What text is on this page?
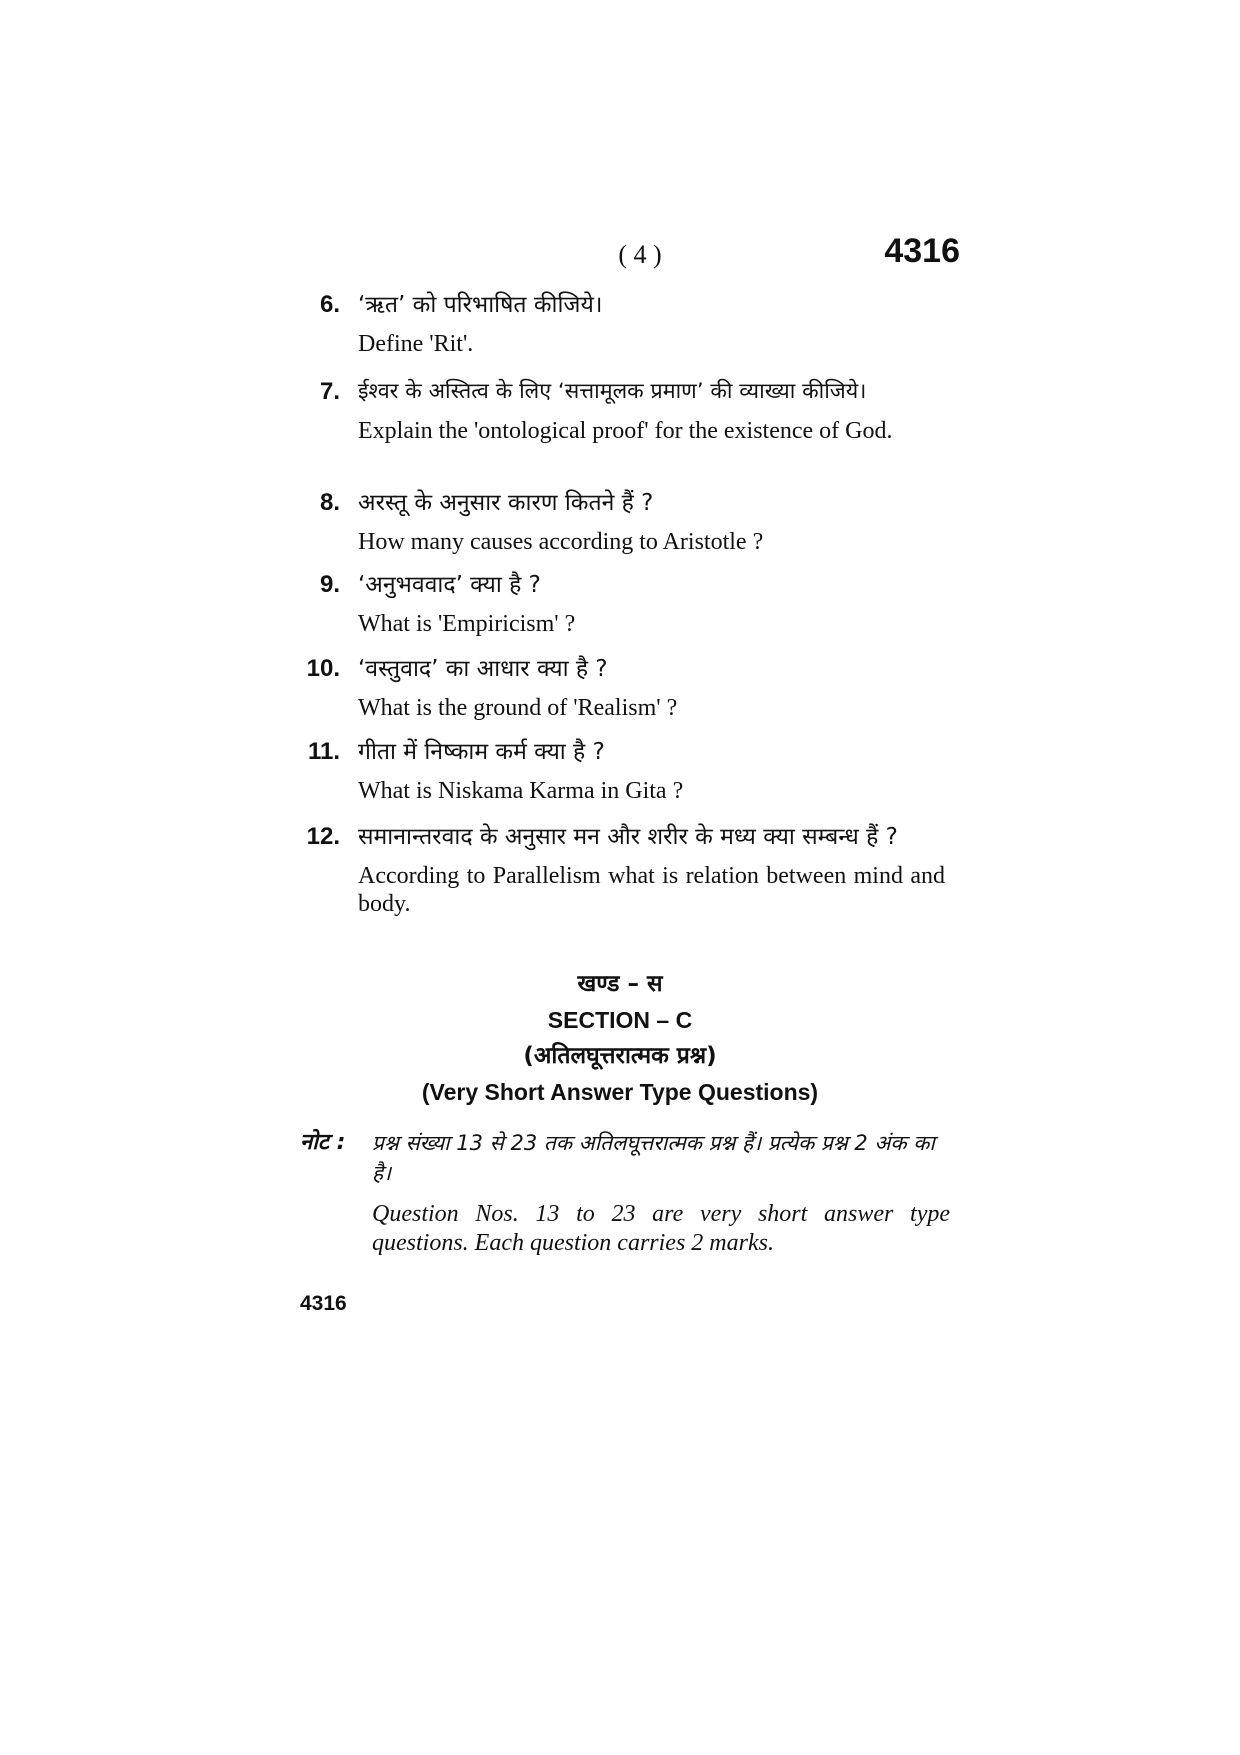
( 4 )	4316
6. ‘ऋत’ को परिभाषित कीजिये।
Define 'Rit'.
7. ईश्वर के अस्तित्व के लिए ‘सत्तामूलक प्रमाण’ की व्याख्या कीजिये।
Explain the 'ontological proof' for the existence of God.
8. अरस्तू के अनुसार कारण कितने हैं ?
How many causes according to Aristotle ?
9. ‘अनुभववाद’ क्या है ?
What is 'Empiricism' ?
10. ‘वस्तुवाद’ का आधार क्या है ?
What is the ground of 'Realism' ?
11. गीता में निष्काम कर्म क्या है ?
What is Niskama Karma in Gita ?
12. समानान्तरवाद के अनुसार मन और शरीर के मध्य क्या सम्बन्ध हैं ?
According to Parallelism what is relation between mind and body.
खण्ड – स
SECTION – C
(अतिलघूत्तरात्मक प्रश्न)
(Very Short Answer Type Questions)
नोट : प्रश्न संख्या 13 से 23 तक अतिलघूत्तरात्मक प्रश्न हैं। प्रत्येक प्रश्न 2 अंक का है।
Question Nos. 13 to 23 are very short answer type questions. Each question carries 2 marks.
4316
